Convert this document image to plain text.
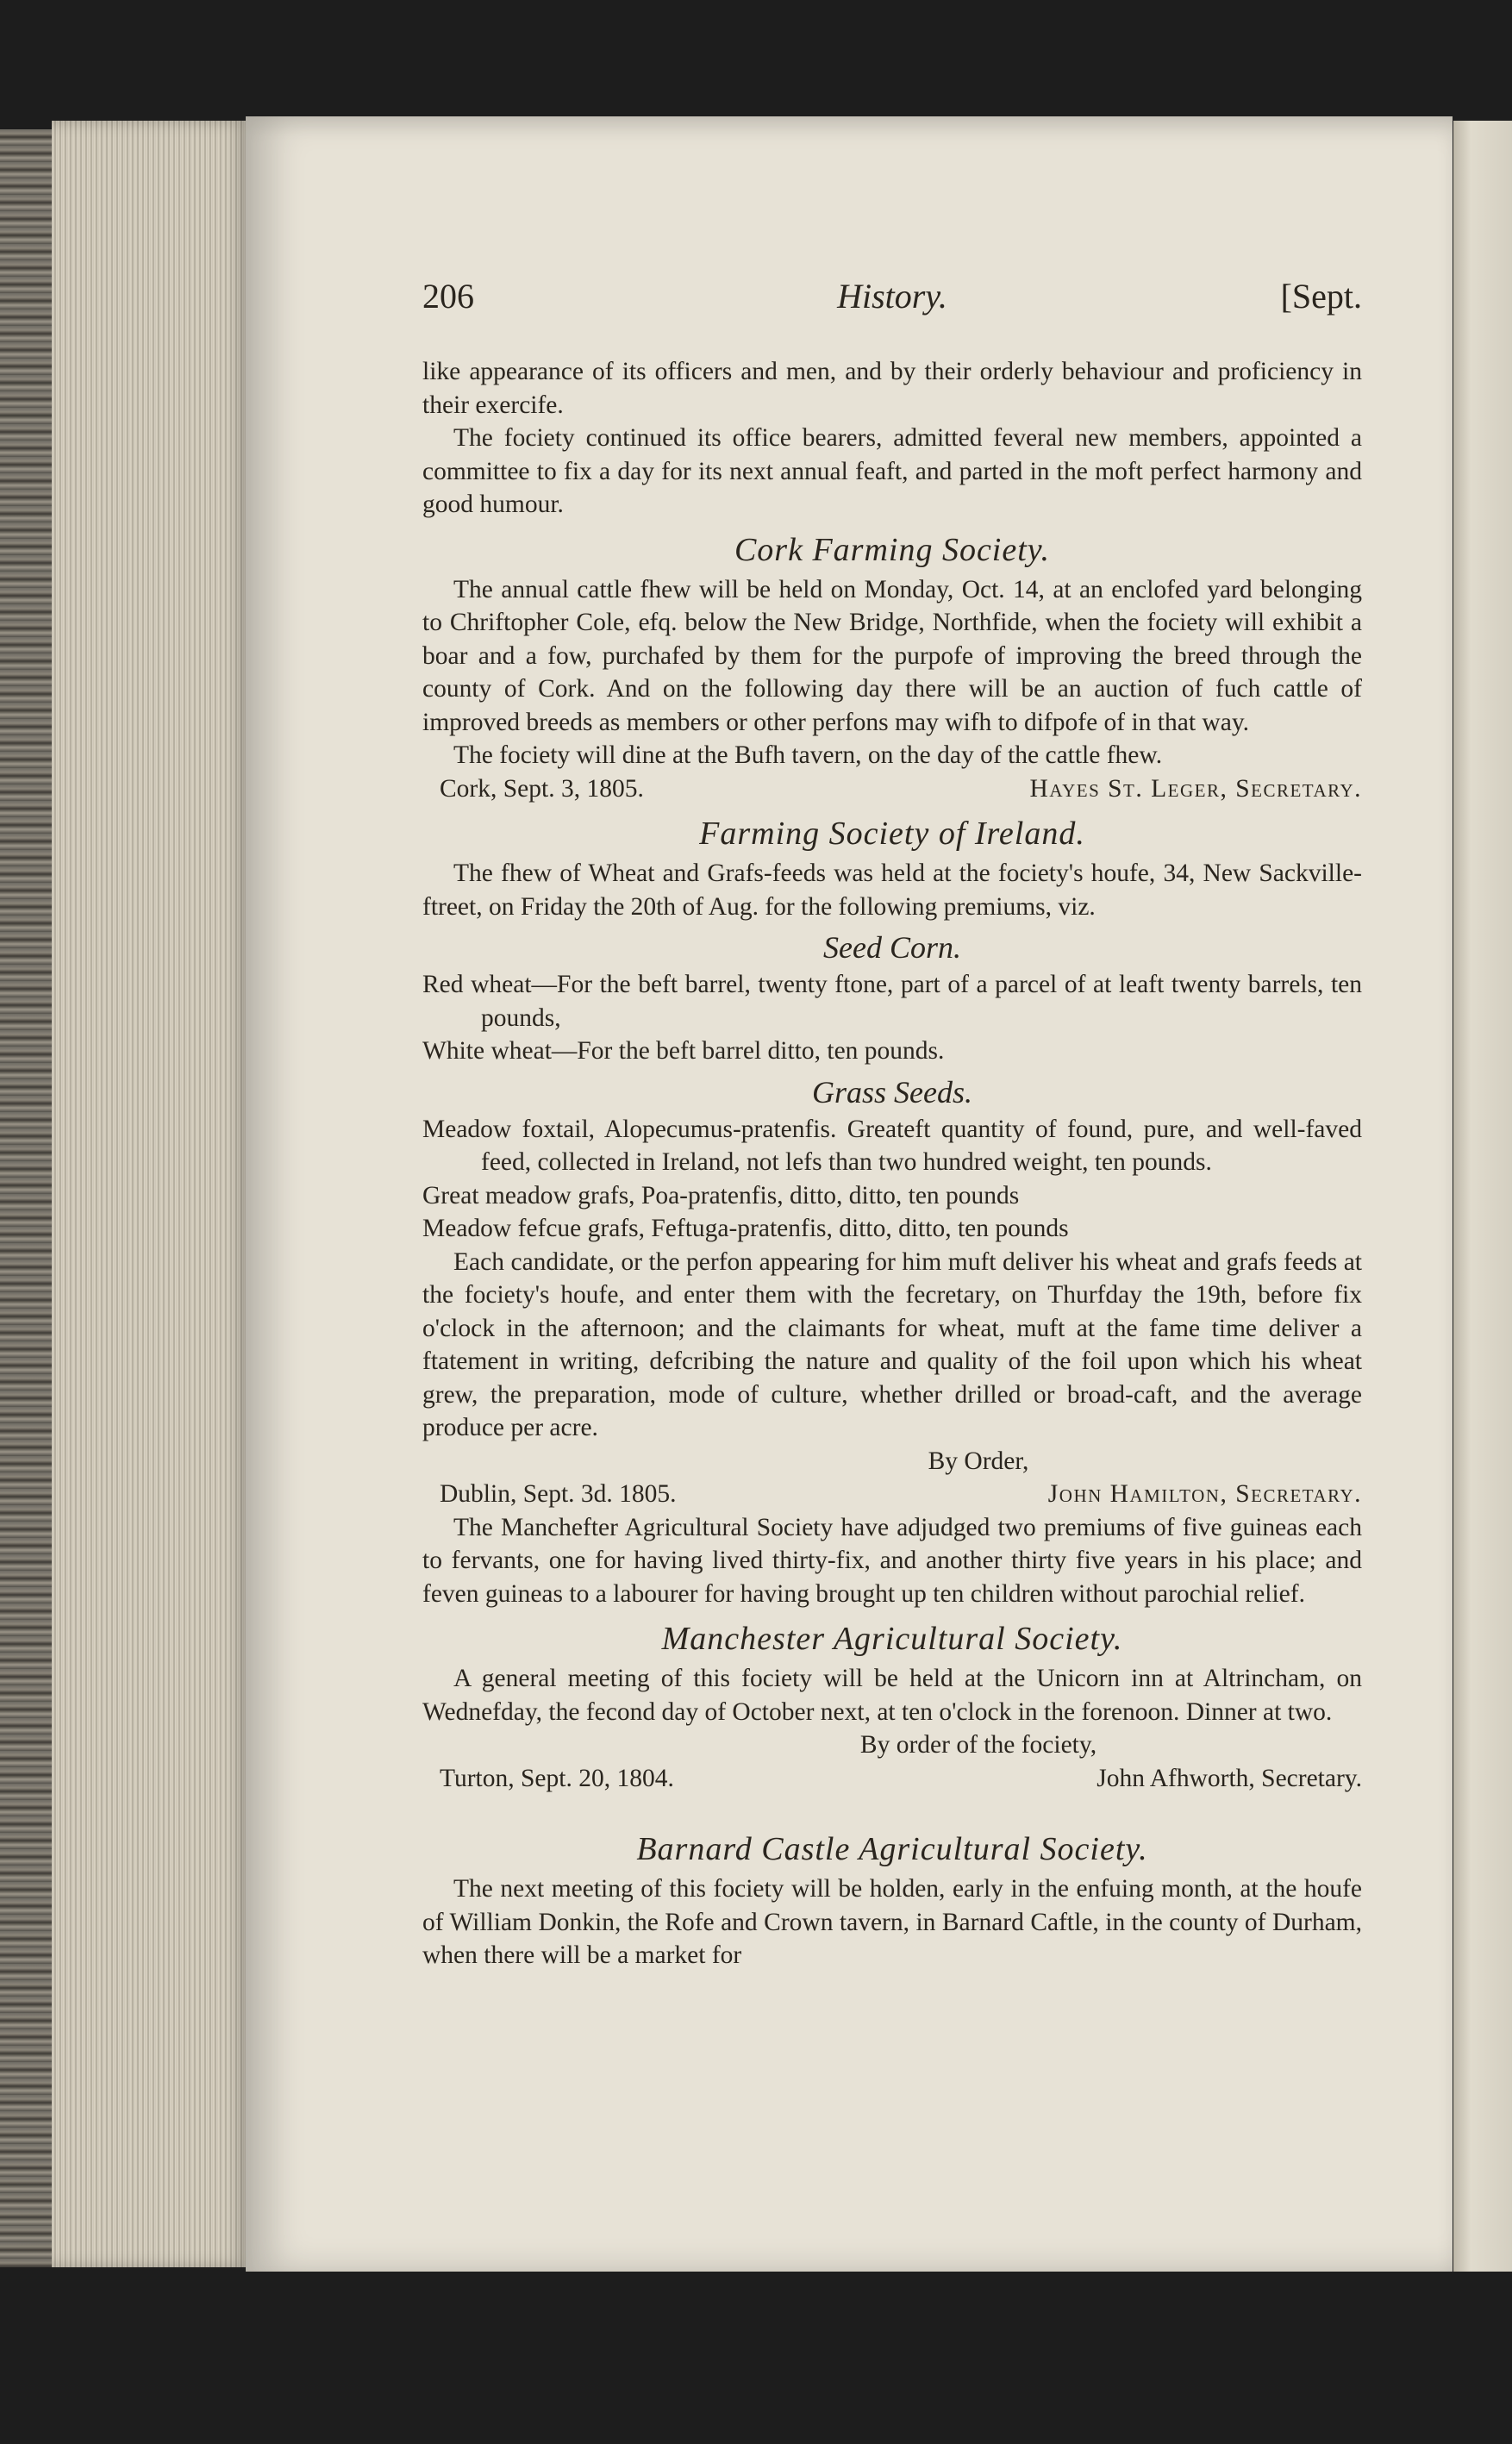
206	History.	[Sept.

like appearance of its officers and men, and by their orderly behaviour and proficiency in their exercife.

The fociety continued its office bearers, admitted feveral new members, appointed a committee to fix a day for its next annual feaft, and parted in the moft perfect harmony and good humour.

Cork Farming Society.

The annual cattle fhew will be held on Monday, Oct. 14, at an enclofed yard belonging to Chriftopher Cole, efq. below the New Bridge, Northfide, when the fociety will exhibit a boar and a fow, purchafed by them for the purpofe of improving the breed through the county of Cork. And on the following day there will be an auction of fuch cattle of improved breeds as members or other perfons may wifh to difpofe of in that way.

The fociety will dine at the Bufh tavern, on the day of the cattle fhew.

Cork, Sept. 3, 1805.	Hayes St. Leger, Secretary.
Farming Society of Ireland.

The fhew of Wheat and Grafs-feeds was held at the fociety's houfe, 34, New Sackville-ftreet, on Friday the 20th of Aug. for the following premiums, viz.

Seed Corn.

Red wheat—For the beft barrel, twenty ftone, part of a parcel of at leaft twenty barrels, ten pounds,

White wheat—For the beft barrel ditto, ten pounds.

Grass Seeds.

Meadow foxtail, Alopecumus-pratenfis. Greateft quantity of found, pure, and well-faved feed, collected in Ireland, not lefs than two hundred weight, ten pounds.

Great meadow grafs, Poa-pratenfis, ditto, ditto, ten pounds

Meadow fefcue grafs, Feftuga-pratenfis, ditto, ditto, ten pounds

Each candidate, or the perfon appearing for him muft deliver his wheat and grafs feeds at the fociety's houfe, and enter them with the fecretary, on Thurfday the 19th, before fix o'clock in the afternoon; and the claimants for wheat, muft at the fame time deliver a ftatement in writing, defcribing the nature and quality of the foil upon which his wheat grew, the preparation, mode of culture, whether drilled or broad-caft, and the average produce per acre.

By Order,

Dublin, Sept. 3d. 1805.	John Hamilton, Secretary.

The Manchefter Agricultural Society have adjudged two premiums of five guineas each to fervants, one for having lived thirty-fix, and another thirty five years in his place; and feven guineas to a labourer for having brought up ten children without parochial relief.

Manchester Agricultural Society.

A general meeting of this fociety will be held at the Unicorn inn at Altrincham, on Wednefday, the fecond day of October next, at ten o'clock in the forenoon. Dinner at two.

By order of the fociety,

Turton, Sept. 20, 1804.	John Afhworth, Secretary.
Barnard Castle Agricultural Society.

The next meeting of this fociety will be holden, early in the enfuing month, at the houfe of William Donkin, the Rofe and Crown tavern, in Barnard Caftle, in the county of Durham, when there will be a market for
